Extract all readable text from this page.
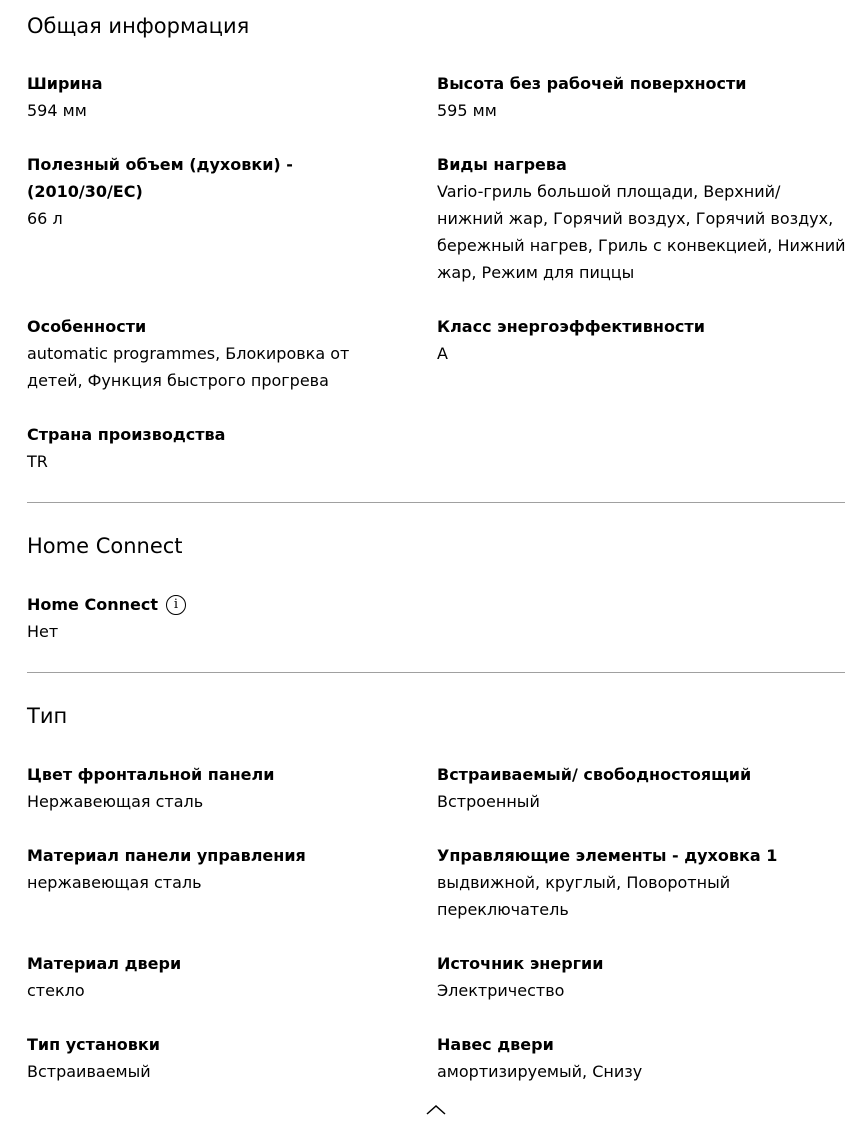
Общая информация
Ширина
594 мм
Высота без рабочей поверхности
595 мм
Полезный объем (духовки) - (2010/30/EC)
66 л
Виды нагрева
Vario-гриль большой площади, Верхний/ нижний жар, Горячий воздух, Горячий воздух, бережный нагрев, Гриль с конвекцией, Нижний жар, Режим для пиццы
Особенности
automatic programmes, Блокировка от детей, Функция быстрого прогрева
Класс энергоэффективности
A
Страна производства
TR
Home Connect
Home Connect	i
Нет
Тип
Цвет фронтальной панели
Нержавеющая сталь
Встраиваемый/ свободностоящий
Встроенный
Материал панели управления
нержавеющая сталь
Управляющие элементы - духовка 1
выдвижной, круглый, Поворотный переключатель
Материал двери
стекло
Источник энергии
Электричество
Тип установки
Встраиваемый
Навес двери
амортизируемый, Снизу
